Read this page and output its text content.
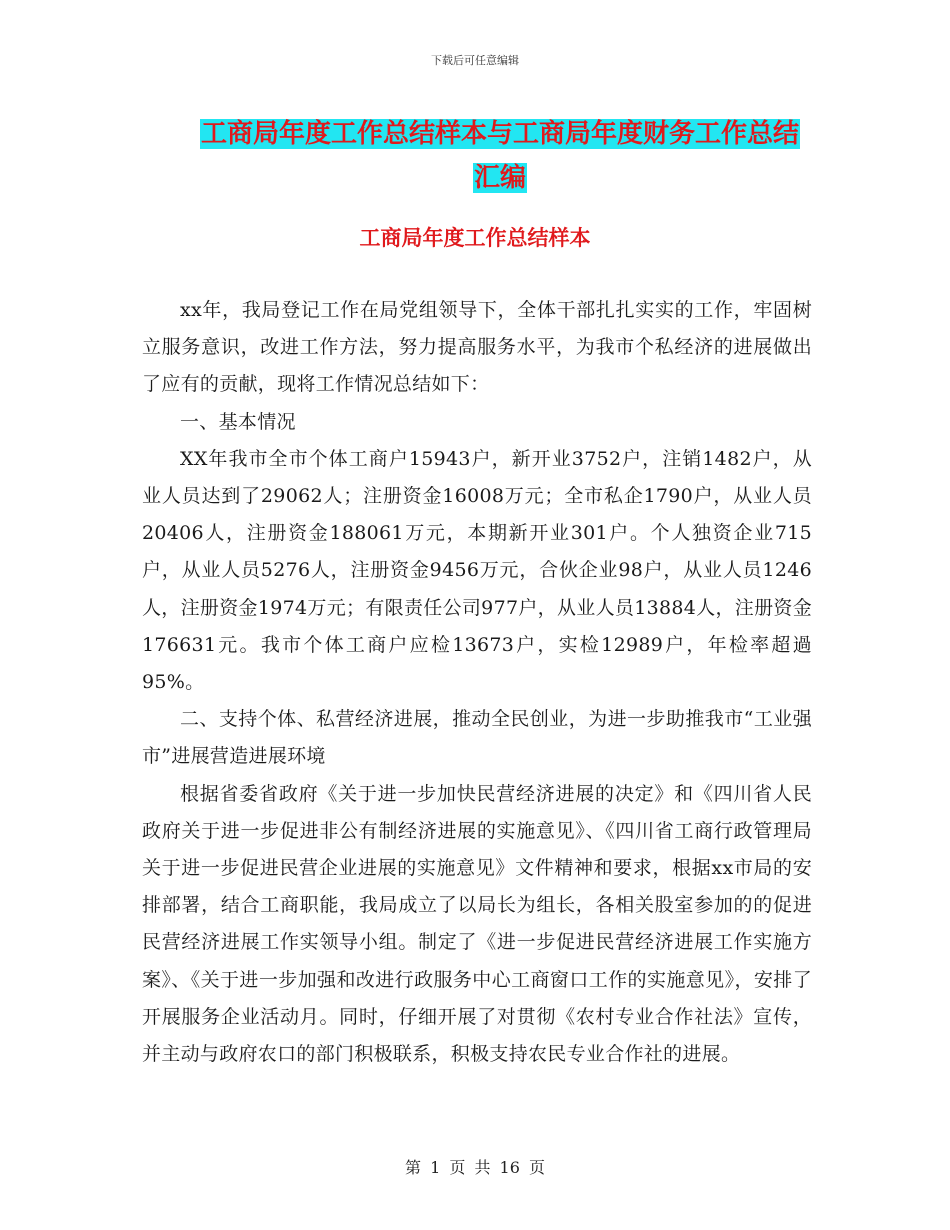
下载后可任意编辑
工商局年度工作总结样本与工商局年度财务工作总结
汇编
工商局年度工作总结样本

xx年，我局登记工作在局党组领导下，全体干部扎扎实实的工作，牢固树立服务意识，改进工作方法，努力提高服务水平，为我市个私经济的进展做出了应有的贡献，现将工作情况总结如下：

一、基本情况

XX年我市全市个体工商户15943户，新开业3752户，注销1482户，从业人员达到了29062人；注册资金16008万元；全市私企1790户，从业人员20406人，注册资金188061万元，本期新开业301户。个人独资企业715户，从业人员5276人，注册资金9456万元，合伙企业98户，从业人员1246人，注册资金1974万元；有限责任公司977户，从业人员13884人，注册资金176631元。我市个体工商户应检13673户，实检12989户，年检率超過95%。

二、支持个体、私营经济进展，推动全民创业，为进一步助推我市“工业强市”进展营造进展环境

根据省委省政府《关于进一步加快民营经济进展的决定》和《四川省人民政府关于进一步促进非公有制经济进展的实施意见》、《四川省工商行政管理局关于进一步促进民营企业进展的实施意见》文件精神和要求，根据xx市局的安排部署，结合工商职能，我局成立了以局长为组长，各相关股室参加的的促进民营经济进展工作实领导小组。制定了《进一步促进民营经济进展工作实施方案》、《关于进一步加强和改进行政服务中心工商窗口工作的实施意见》，安排了开展服务企业活动月。同时，仔细开展了对贯彻《农村专业合作社法》宣传，并主动与政府农口的部门积极联系，积极支持农民专业合作社的进展。

第 1 页 共 16 页
